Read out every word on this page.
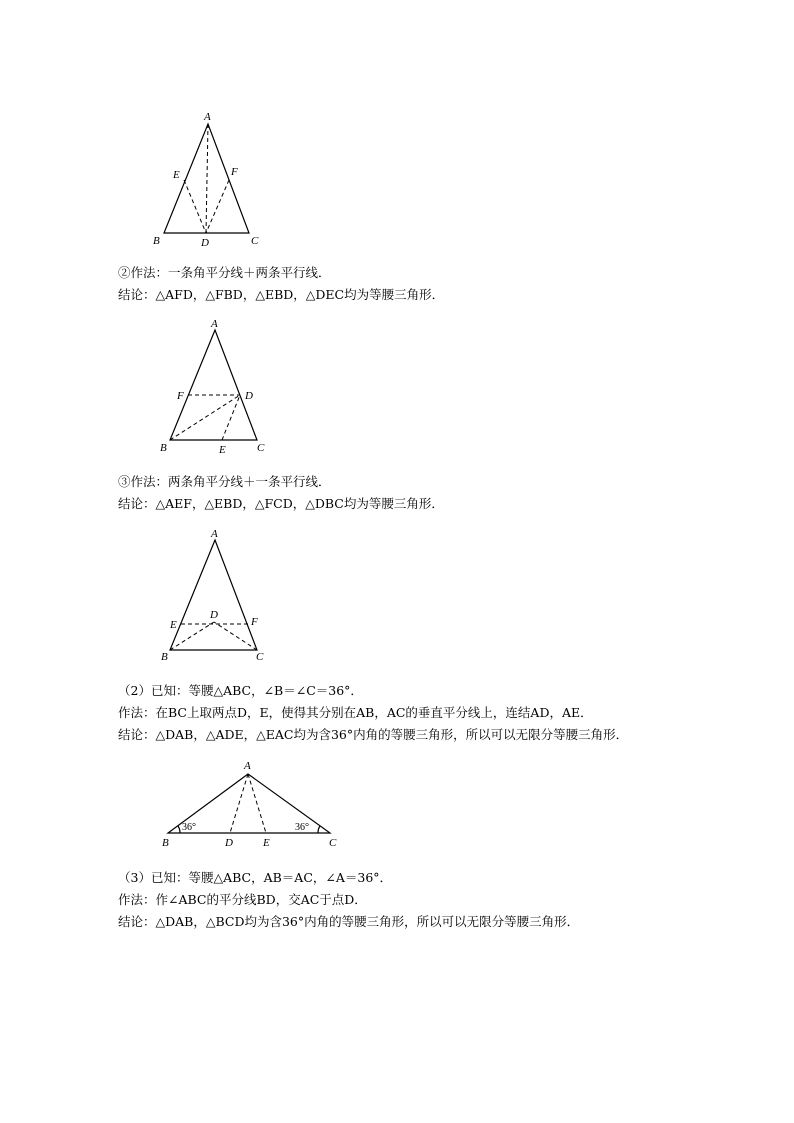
A
E	F
B	D	C
②作法：一条角平分线＋两条平行线．
结论：△AFD，△FBD，△EBD，△DEC均为等腰三角形．
A
F	D
B	E	C
③作法：两条角平分线＋一条平行线．
结论：△AEF，△EBD，△FCD，△DBC均为等腰三角形．
A
D
E	F
B	C
（2）已知：等腰△ABC，∠B＝∠C＝36°．
作法：在BC上取两点D，E，使得其分别在AB，AC的垂直平分线上，连结AD，AE．
结论：△DAB，△ADE，△EAC均为含36°内角的等腰三角形，所以可以无限分等腰三角形．
A
36°	36°
B	D	E	C
（3）已知：等腰△ABC，AB＝AC，∠A＝36°．
作法：作∠ABC的平分线BD，交AC于点D．
结论：△DAB，△BCD均为含36°内角的等腰三角形，所以可以无限分等腰三角形．
